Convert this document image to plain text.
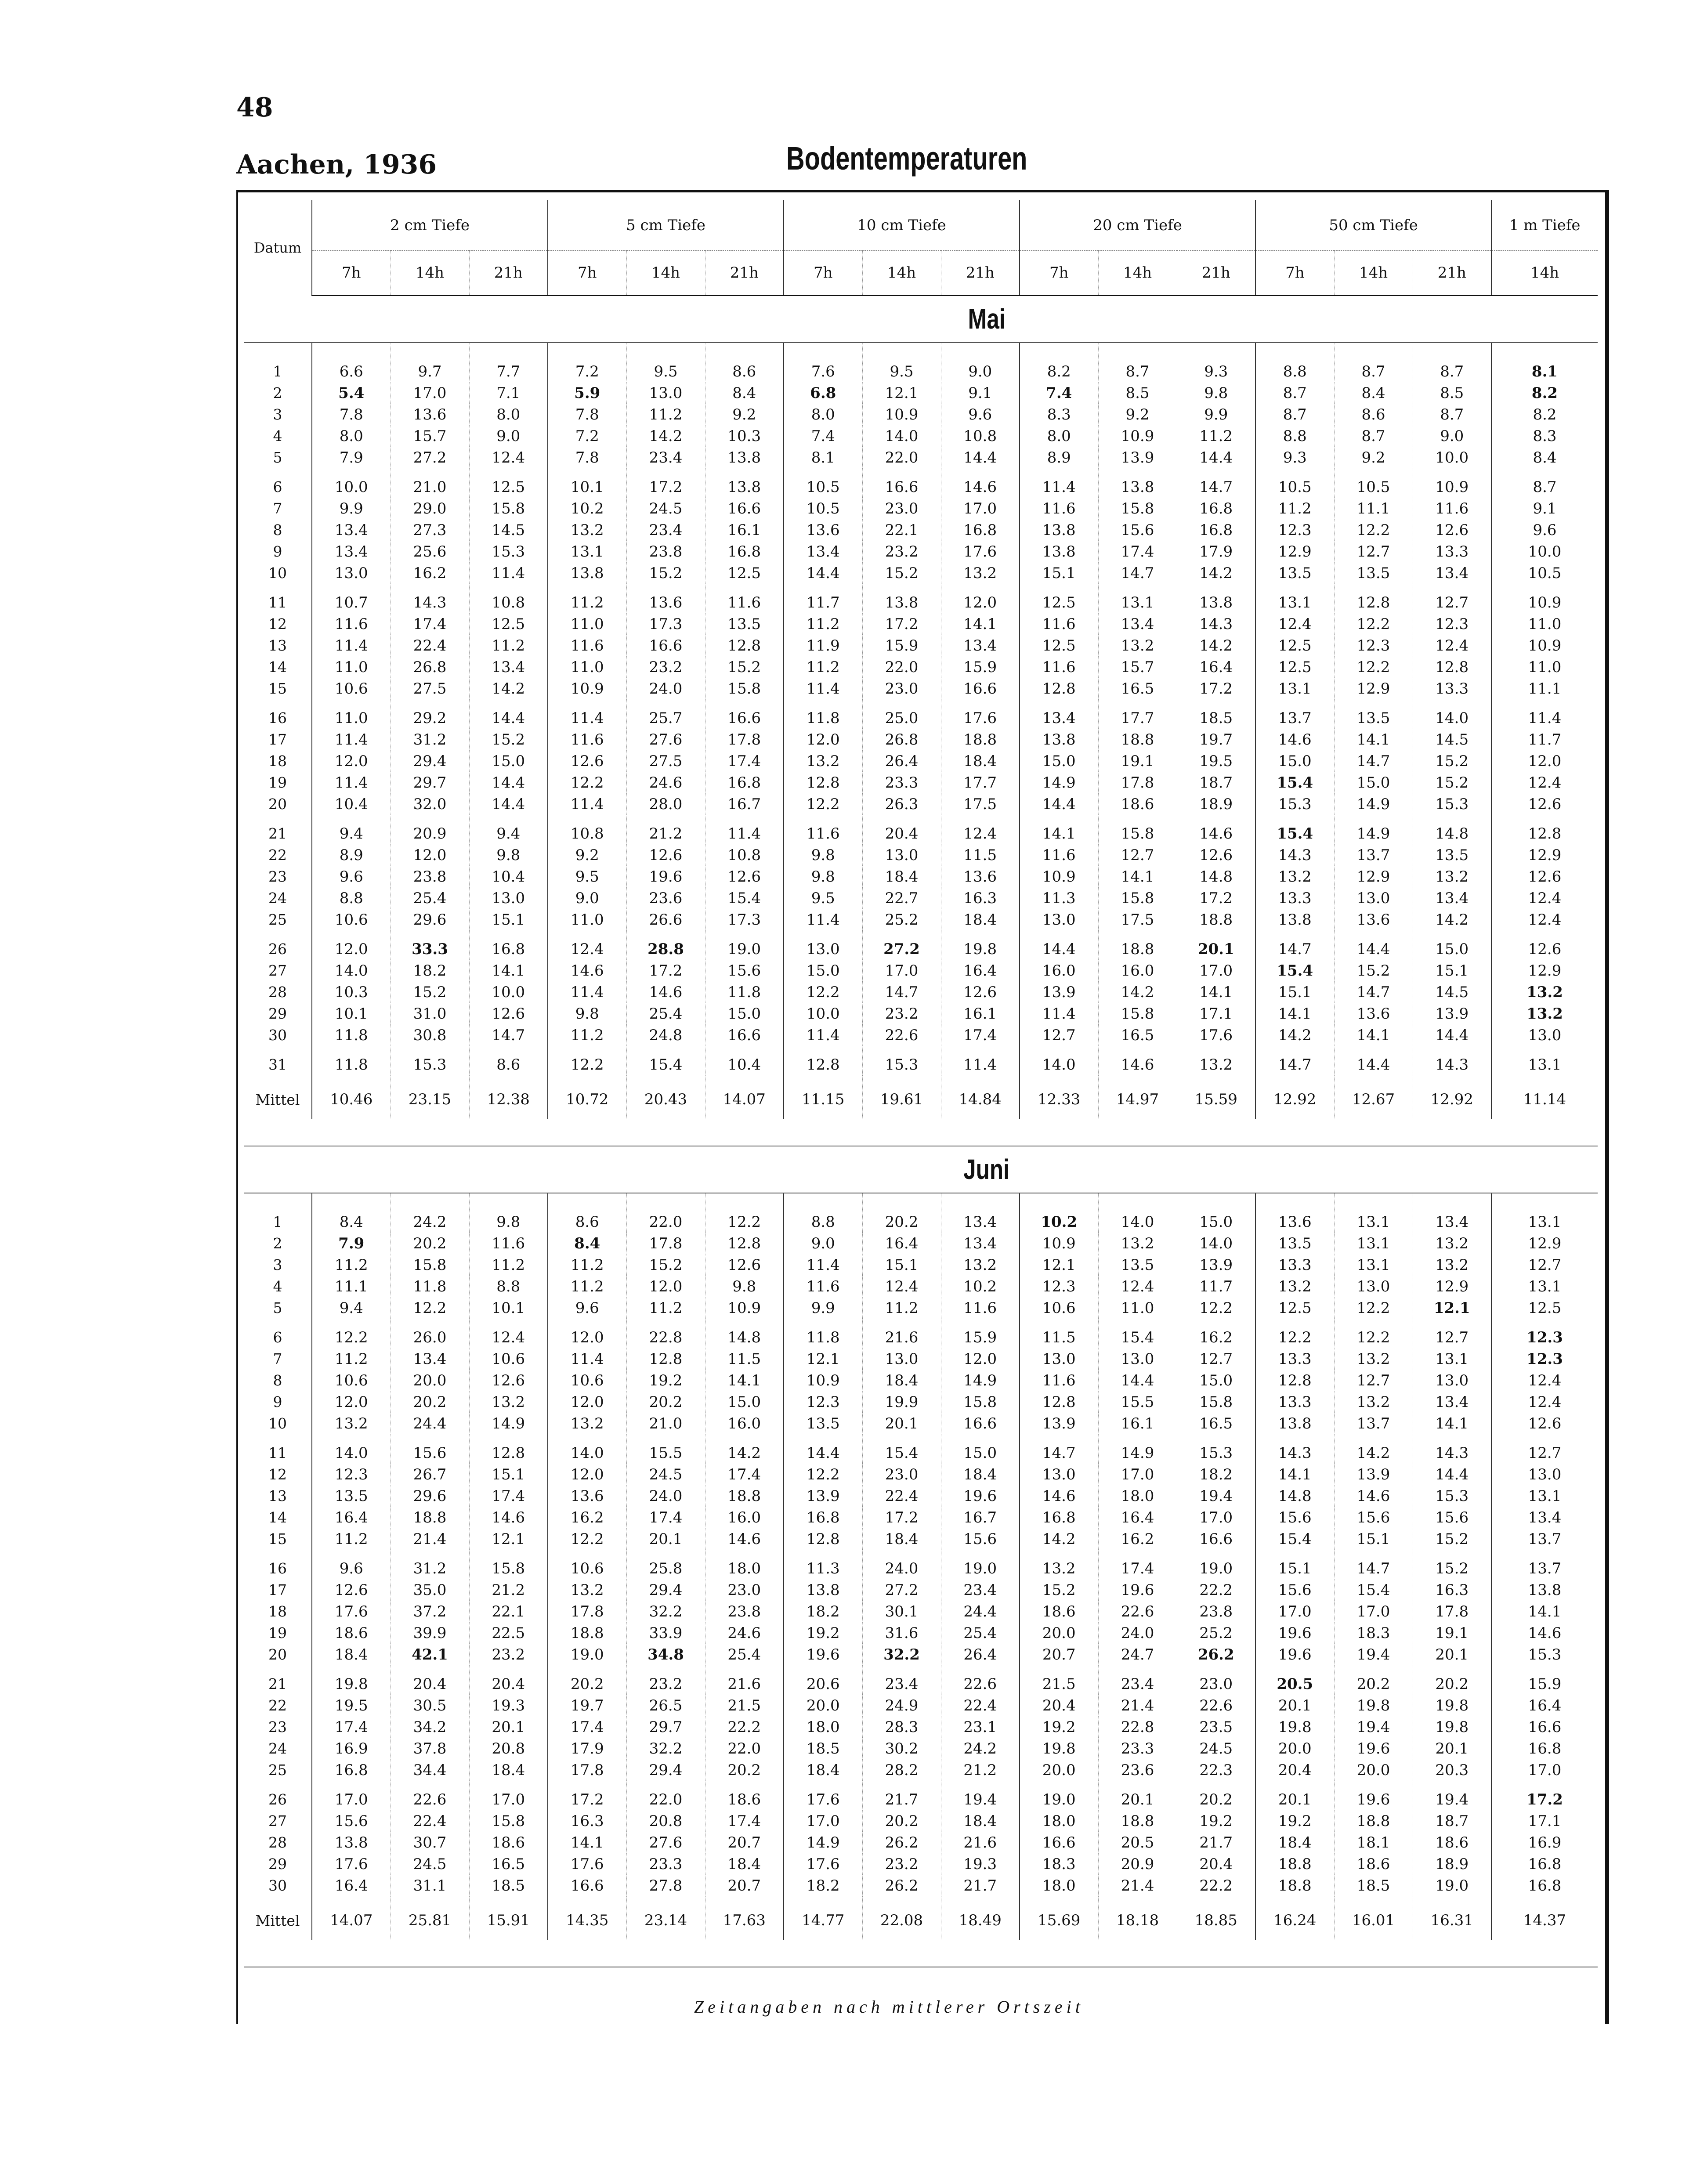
48
Aachen, 1936	Bodentemperaturen
Datum	2 cm Tiefe			5 cm Tiefe			10 cm Tiefe			20 cm Tiefe			50 cm Tiefe			1 m Tiefe
	7h	14h	21h	7h	14h	21h	7h	14h	21h	7h	14h	21h	7h	14h	21h	14h
Mai
1	6.6	9.7	7.7	7.2	9.5	8.6	7.6	9.5	9.0	8.2	8.7	9.3	8.8	8.7	8.7	8.1
2	5.4	17.0	7.1	5.9	13.0	8.4	6.8	12.1	9.1	7.4	8.5	9.8	8.7	8.4	8.5	8.2
3	7.8	13.6	8.0	7.8	11.2	9.2	8.0	10.9	9.6	8.3	9.2	9.9	8.7	8.6	8.7	8.2
4	8.0	15.7	9.0	7.2	14.2	10.3	7.4	14.0	10.8	8.0	10.9	11.2	8.8	8.7	9.0	8.3
5	7.9	27.2	12.4	7.8	23.4	13.8	8.1	22.0	14.4	8.9	13.9	14.4	9.3	9.2	10.0	8.4
6	10.0	21.0	12.5	10.1	17.2	13.8	10.5	16.6	14.6	11.4	13.8	14.7	10.5	10.5	10.9	8.7
7	9.9	29.0	15.8	10.2	24.5	16.6	10.5	23.0	17.0	11.6	15.8	16.8	11.2	11.1	11.6	9.1
8	13.4	27.3	14.5	13.2	23.4	16.1	13.6	22.1	16.8	13.8	15.6	16.8	12.3	12.2	12.6	9.6
9	13.4	25.6	15.3	13.1	23.8	16.8	13.4	23.2	17.6	13.8	17.4	17.9	12.9	12.7	13.3	10.0
10	13.0	16.2	11.4	13.8	15.2	12.5	14.4	15.2	13.2	15.1	14.7	14.2	13.5	13.5	13.4	10.5
11	10.7	14.3	10.8	11.2	13.6	11.6	11.7	13.8	12.0	12.5	13.1	13.8	13.1	12.8	12.7	10.9
12	11.6	17.4	12.5	11.0	17.3	13.5	11.2	17.2	14.1	11.6	13.4	14.3	12.4	12.2	12.3	11.0
13	11.4	22.4	11.2	11.6	16.6	12.8	11.9	15.9	13.4	12.5	13.2	14.2	12.5	12.3	12.4	10.9
14	11.0	26.8	13.4	11.0	23.2	15.2	11.2	22.0	15.9	11.6	15.7	16.4	12.5	12.2	12.8	11.0
15	10.6	27.5	14.2	10.9	24.0	15.8	11.4	23.0	16.6	12.8	16.5	17.2	13.1	12.9	13.3	11.1
16	11.0	29.2	14.4	11.4	25.7	16.6	11.8	25.0	17.6	13.4	17.7	18.5	13.7	13.5	14.0	11.4
17	11.4	31.2	15.2	11.6	27.6	17.8	12.0	26.8	18.8	13.8	18.8	19.7	14.6	14.1	14.5	11.7
18	12.0	29.4	15.0	12.6	27.5	17.4	13.2	26.4	18.4	15.0	19.1	19.5	15.0	14.7	15.2	12.0
19	11.4	29.7	14.4	12.2	24.6	16.8	12.8	23.3	17.7	14.9	17.8	18.7	15.4	15.0	15.2	12.4
20	10.4	32.0	14.4	11.4	28.0	16.7	12.2	26.3	17.5	14.4	18.6	18.9	15.3	14.9	15.3	12.6
21	9.4	20.9	9.4	10.8	21.2	11.4	11.6	20.4	12.4	14.1	15.8	14.6	15.4	14.9	14.8	12.8
22	8.9	12.0	9.8	9.2	12.6	10.8	9.8	13.0	11.5	11.6	12.7	12.6	14.3	13.7	13.5	12.9
23	9.6	23.8	10.4	9.5	19.6	12.6	9.8	18.4	13.6	10.9	14.1	14.8	13.2	12.9	13.2	12.6
24	8.8	25.4	13.0	9.0	23.6	15.4	9.5	22.7	16.3	11.3	15.8	17.2	13.3	13.0	13.4	12.4
25	10.6	29.6	15.1	11.0	26.6	17.3	11.4	25.2	18.4	13.0	17.5	18.8	13.8	13.6	14.2	12.4
26	12.0	33.3	16.8	12.4	28.8	19.0	13.0	27.2	19.8	14.4	18.8	20.1	14.7	14.4	15.0	12.6
27	14.0	18.2	14.1	14.6	17.2	15.6	15.0	17.0	16.4	16.0	16.0	17.0	15.4	15.2	15.1	12.9
28	10.3	15.2	10.0	11.4	14.6	11.8	12.2	14.7	12.6	13.9	14.2	14.1	15.1	14.7	14.5	13.2
29	10.1	31.0	12.6	9.8	25.4	15.0	10.0	23.2	16.1	11.4	15.8	17.1	14.1	13.6	13.9	13.2
30	11.8	30.8	14.7	11.2	24.8	16.6	11.4	22.6	17.4	12.7	16.5	17.6	14.2	14.1	14.4	13.0
31	11.8	15.3	8.6	12.2	15.4	10.4	12.8	15.3	11.4	14.0	14.6	13.2	14.7	14.4	14.3	13.1
Mittel	10.46	23.15	12.38	10.72	20.43	14.07	11.15	19.61	14.84	12.33	14.97	15.59	12.92	12.67	12.92	11.14
Juni
1	8.4	24.2	9.8	8.6	22.0	12.2	8.8	20.2	13.4	10.2	14.0	15.0	13.6	13.1	13.4	13.1
2	7.9	20.2	11.6	8.4	17.8	12.8	9.0	16.4	13.4	10.9	13.2	14.0	13.5	13.1	13.2	12.9
3	11.2	15.8	11.2	11.2	15.2	12.6	11.4	15.1	13.2	12.1	13.5	13.9	13.3	13.1	13.2	12.7
4	11.1	11.8	8.8	11.2	12.0	9.8	11.6	12.4	10.2	12.3	12.4	11.7	13.2	13.0	12.9	13.1
5	9.4	12.2	10.1	9.6	11.2	10.9	9.9	11.2	11.6	10.6	11.0	12.2	12.5	12.2	12.1	12.5
6	12.2	26.0	12.4	12.0	22.8	14.8	11.8	21.6	15.9	11.5	15.4	16.2	12.2	12.2	12.7	12.3
7	11.2	13.4	10.6	11.4	12.8	11.5	12.1	13.0	12.0	13.0	13.0	12.7	13.3	13.2	13.1	12.3
8	10.6	20.0	12.6	10.6	19.2	14.1	10.9	18.4	14.9	11.6	14.4	15.0	12.8	12.7	13.0	12.4
9	12.0	20.2	13.2	12.0	20.2	15.0	12.3	19.9	15.8	12.8	15.5	15.8	13.3	13.2	13.4	12.4
10	13.2	24.4	14.9	13.2	21.0	16.0	13.5	20.1	16.6	13.9	16.1	16.5	13.8	13.7	14.1	12.6
11	14.0	15.6	12.8	14.0	15.5	14.2	14.4	15.4	15.0	14.7	14.9	15.3	14.3	14.2	14.3	12.7
12	12.3	26.7	15.1	12.0	24.5	17.4	12.2	23.0	18.4	13.0	17.0	18.2	14.1	13.9	14.4	13.0
13	13.5	29.6	17.4	13.6	24.0	18.8	13.9	22.4	19.6	14.6	18.0	19.4	14.8	14.6	15.3	13.1
14	16.4	18.8	14.6	16.2	17.4	16.0	16.8	17.2	16.7	16.8	16.4	17.0	15.6	15.6	15.6	13.4
15	11.2	21.4	12.1	12.2	20.1	14.6	12.8	18.4	15.6	14.2	16.2	16.6	15.4	15.1	15.2	13.7
16	9.6	31.2	15.8	10.6	25.8	18.0	11.3	24.0	19.0	13.2	17.4	19.0	15.1	14.7	15.2	13.7
17	12.6	35.0	21.2	13.2	29.4	23.0	13.8	27.2	23.4	15.2	19.6	22.2	15.6	15.4	16.3	13.8
18	17.6	37.2	22.1	17.8	32.2	23.8	18.2	30.1	24.4	18.6	22.6	23.8	17.0	17.0	17.8	14.1
19	18.6	39.9	22.5	18.8	33.9	24.6	19.2	31.6	25.4	20.0	24.0	25.2	19.6	18.3	19.1	14.6
20	18.4	42.1	23.2	19.0	34.8	25.4	19.6	32.2	26.4	20.7	24.7	26.2	19.6	19.4	20.1	15.3
21	19.8	20.4	20.4	20.2	23.2	21.6	20.6	23.4	22.6	21.5	23.4	23.0	20.5	20.2	20.2	15.9
22	19.5	30.5	19.3	19.7	26.5	21.5	20.0	24.9	22.4	20.4	21.4	22.6	20.1	19.8	19.8	16.4
23	17.4	34.2	20.1	17.4	29.7	22.2	18.0	28.3	23.1	19.2	22.8	23.5	19.8	19.4	19.8	16.6
24	16.9	37.8	20.8	17.9	32.2	22.0	18.5	30.2	24.2	19.8	23.3	24.5	20.0	19.6	20.1	16.8
25	16.8	34.4	18.4	17.8	29.4	20.2	18.4	28.2	21.2	20.0	23.6	22.3	20.4	20.0	20.3	17.0
26	17.0	22.6	17.0	17.2	22.0	18.6	17.6	21.7	19.4	19.0	20.1	20.2	20.1	19.6	19.4	17.2
27	15.6	22.4	15.8	16.3	20.8	17.4	17.0	20.2	18.4	18.0	18.8	19.2	19.2	18.8	18.7	17.1
28	13.8	30.7	18.6	14.1	27.6	20.7	14.9	26.2	21.6	16.6	20.5	21.7	18.4	18.1	18.6	16.9
29	17.6	24.5	16.5	17.6	23.3	18.4	17.6	23.2	19.3	18.3	20.9	20.4	18.8	18.6	18.9	16.8
30	16.4	31.1	18.5	16.6	27.8	20.7	18.2	26.2	21.7	18.0	21.4	22.2	18.8	18.5	19.0	16.8
Mittel	14.07	25.81	15.91	14.35	23.14	17.63	14.77	22.08	18.49	15.69	18.18	18.85	16.24	16.01	16.31	14.37
Zeitangaben nach mittlerer Ortszeit
